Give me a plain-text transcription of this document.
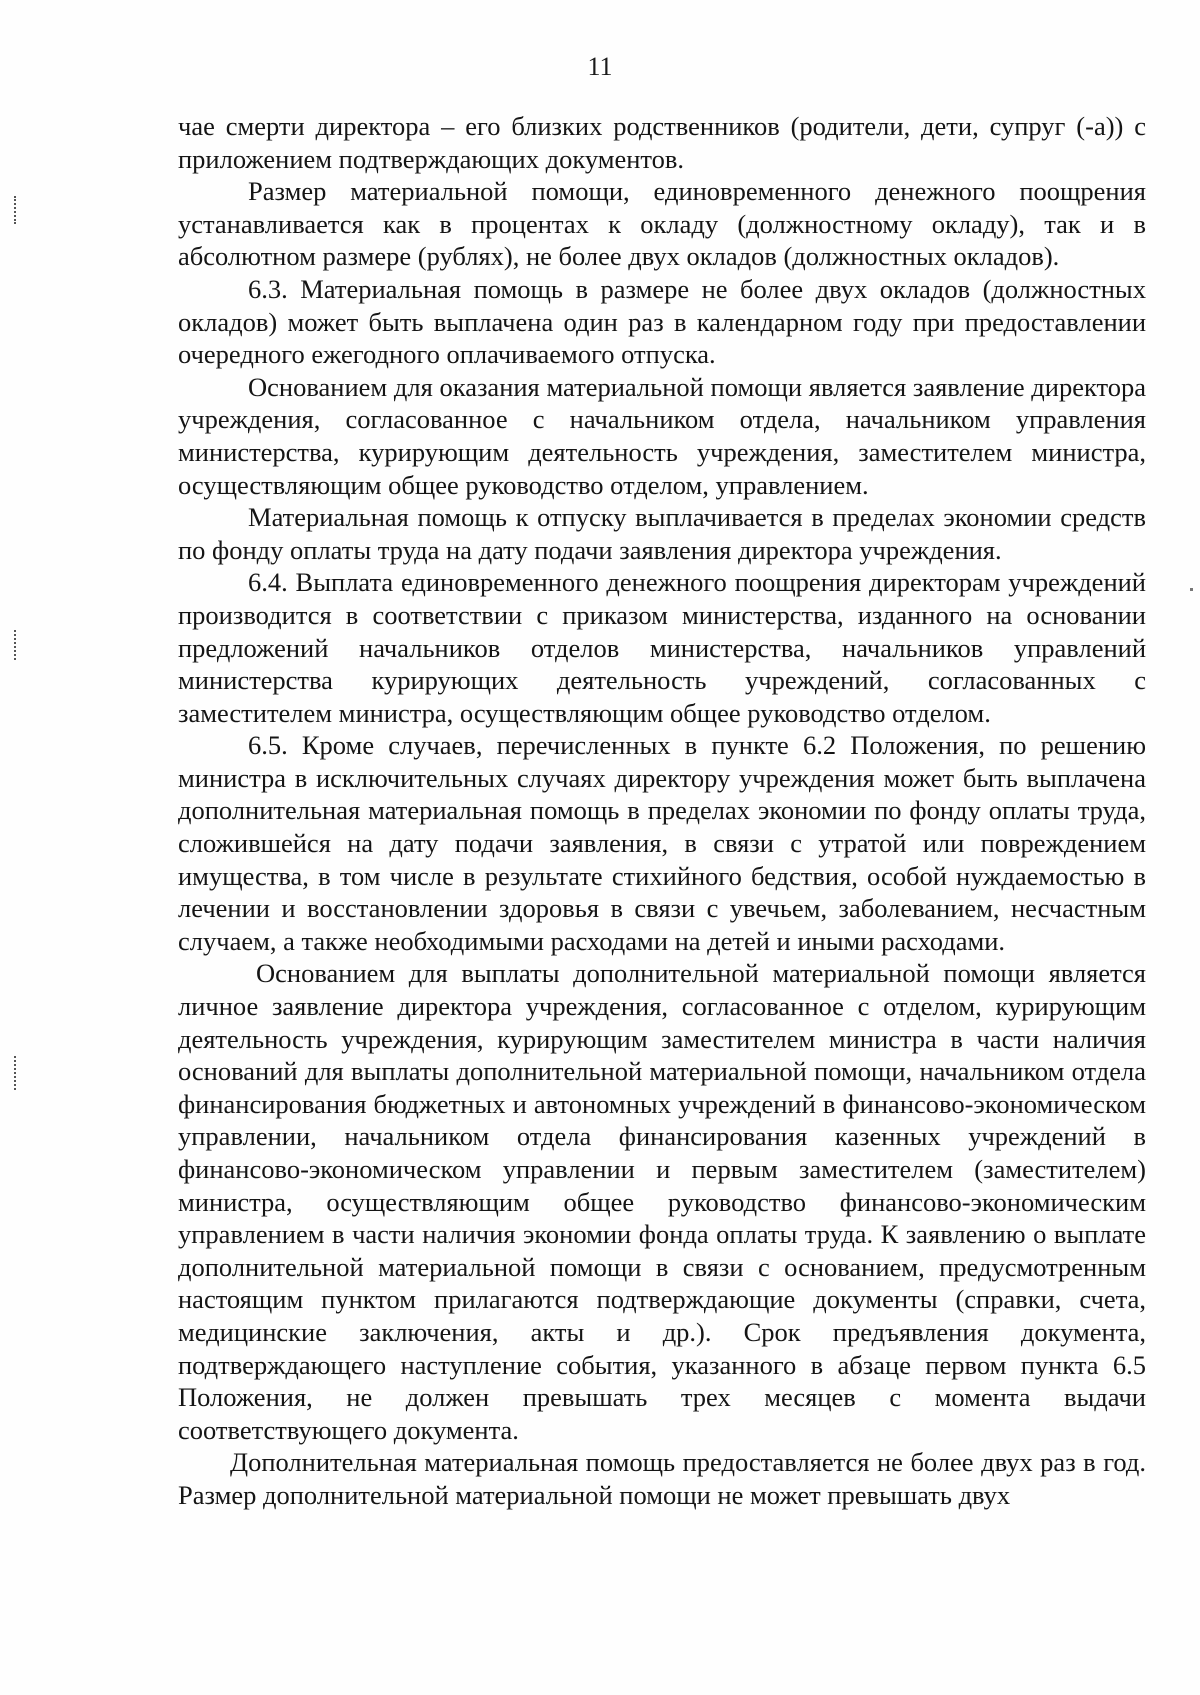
11

чае смерти директора – его близких родственников (родители, дети, супруг (-а)) с приложением подтверждающих документов.

Размер материальной помощи, единовременного денежного поощрения устанавливается как в процентах к окладу (должностному окладу), так и в абсолютном размере (рублях), не более двух окладов (должностных окладов).

6.3. Материальная помощь в размере не более двух окладов (должностных окладов) может быть выплачена один раз в календарном году при предоставлении очередного ежегодного оплачиваемого отпуска.

Основанием для оказания материальной помощи является заявление директора учреждения, согласованное с начальником отдела, начальником управления министерства, курирующим деятельность учреждения, заместителем министра, осуществляющим общее руководство отделом, управлением.

Материальная помощь к отпуску выплачивается в пределах экономии средств по фонду оплаты труда на дату подачи заявления директора учреждения.

6.4. Выплата единовременного денежного поощрения директорам учреждений производится в соответствии с приказом министерства, изданного на основании предложений начальников отделов министерства, начальников управлений министерства курирующих деятельность учреждений, согласованных с заместителем министра, осуществляющим общее руководство отделом.

6.5. Кроме случаев, перечисленных в пункте 6.2 Положения, по решению министра в исключительных случаях директору учреждения может быть выплачена дополнительная материальная помощь в пределах экономии по фонду оплаты труда, сложившейся на дату подачи заявления, в связи с утратой или повреждением имущества, в том числе в результате стихийного бедствия, особой нуждаемостью в лечении и восстановлении здоровья в связи с увечьем, заболеванием, несчастным случаем, а также необходимыми расходами на детей и иными расходами.

Основанием для выплаты дополнительной материальной помощи является личное заявление директора учреждения, согласованное с отделом, курирующим деятельность учреждения, курирующим заместителем министра в части наличия оснований для выплаты дополнительной материальной помощи, начальником отдела финансирования бюджетных и автономных учреждений в финансово-экономическом управлении, начальником отдела финансирования казенных учреждений в финансово-экономическом управлении и первым заместителем (заместителем) министра, осуществляющим общее руководство финансово-экономическим управлением в части наличия экономии фонда оплаты труда. К заявлению о выплате дополнительной материальной помощи в связи с основанием, предусмотренным настоящим пунктом прилагаются подтверждающие документы (справки, счета, медицинские заключения, акты и др.). Срок предъявления документа, подтверждающего наступление события, указанного в абзаце первом пункта 6.5 Положения, не должен превышать трех месяцев с момента выдачи соответствующего документа.

Дополнительная материальная помощь предоставляется не более двух раз в год. Размер дополнительной материальной помощи не может превышать двух
